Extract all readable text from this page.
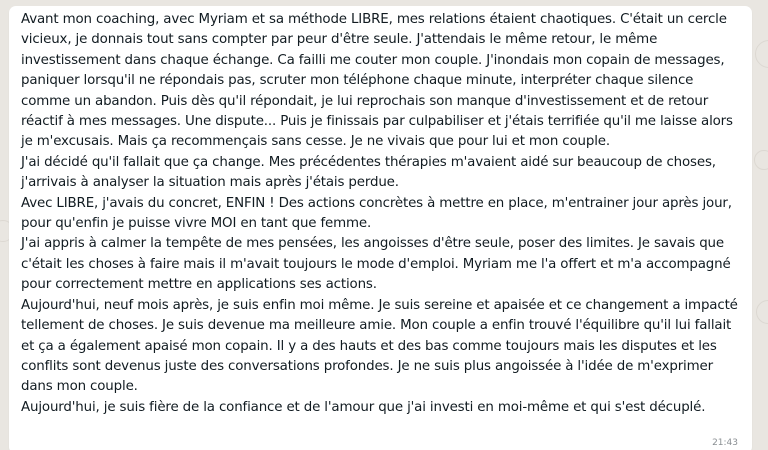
Avant mon coaching, avec Myriam et sa méthode LIBRE, mes relations étaient chaotiques. C'était un cercle vicieux, je donnais tout sans compter par peur d'être seule. J'attendais le même retour, le même investissement dans chaque échange. Ca failli me couter mon couple. J'inondais mon copain de messages, paniquer lorsqu'il ne répondais pas, scruter mon téléphone chaque minute, interpréter chaque silence comme un abandon. Puis dès qu'il répondait, je lui reprochais son manque d'investissement et de retour réactif à mes messages. Une dispute... Puis je finissais par culpabiliser et j'étais terrifiée qu'il me laisse alors je m'excusais. Mais ça recommençais sans cesse. Je ne vivais que pour lui et mon couple.
J'ai décidé qu'il fallait que ça change. Mes précédentes thérapies m'avaient aidé sur beaucoup de choses, j'arrivais à analyser la situation mais après j'étais perdue.
Avec LIBRE, j'avais du concret, ENFIN ! Des actions concrètes à mettre en place, m'entrainer jour après jour, pour qu'enfin je puisse vivre MOI en tant que femme.
J'ai appris à calmer la tempête de mes pensées, les angoisses d'être seule, poser des limites. Je savais que c'était les choses à faire mais il m'avait toujours le mode d'emploi. Myriam me l'a offert et m'a accompagné pour correctement mettre en applications ses actions.
Aujourd'hui, neuf mois après, je suis enfin moi même. Je suis sereine et apaisée et ce changement a impacté tellement de choses. Je suis devenue ma meilleure amie. Mon couple a enfin trouvé l'équilibre qu'il lui fallait et ça a également apaisé mon copain. Il y a des hauts et des bas comme toujours mais les disputes et les conflits sont devenus juste des conversations profondes. Je ne suis plus angoissée à l'idée de m'exprimer dans mon couple.
Aujourd'hui, je suis fière de la confiance et de l'amour que j'ai investi en moi-même et qui s'est décuplé.

21:43
